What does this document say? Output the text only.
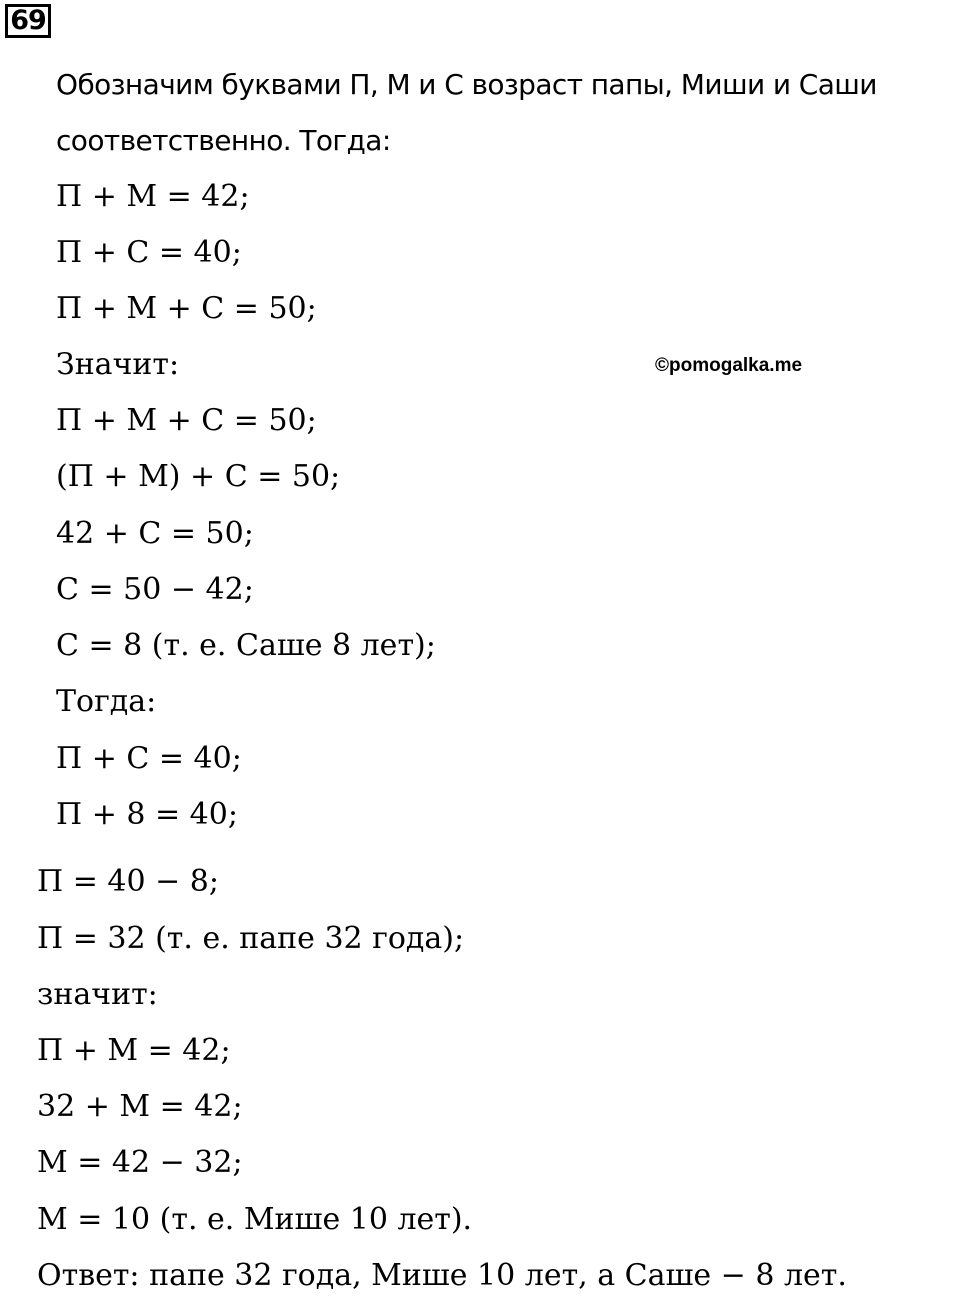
69
Обозначим буквами П, М и С возраст папы, Миши и Саши
соответственно. Тогда:
П + М = 42;
П + С = 40;
П + М + С = 50;
Значит:
П + М + С = 50;
(П + М) + С = 50;
42 + С = 50;
С = 50 − 42;
С = 8 (т. е. Саше 8 лет);
Тогда:
П + С = 40;
П + 8 = 40;
П = 40 − 8;
П = 32 (т. е. папе 32 года);
значит:
П + М = 42;
32 + М = 42;
М = 42 − 32;
М = 10 (т. е. Мише 10 лет).
Ответ: папе 32 года, Мише 10 лет, а Саше − 8 лет.
©pomogalka.me
